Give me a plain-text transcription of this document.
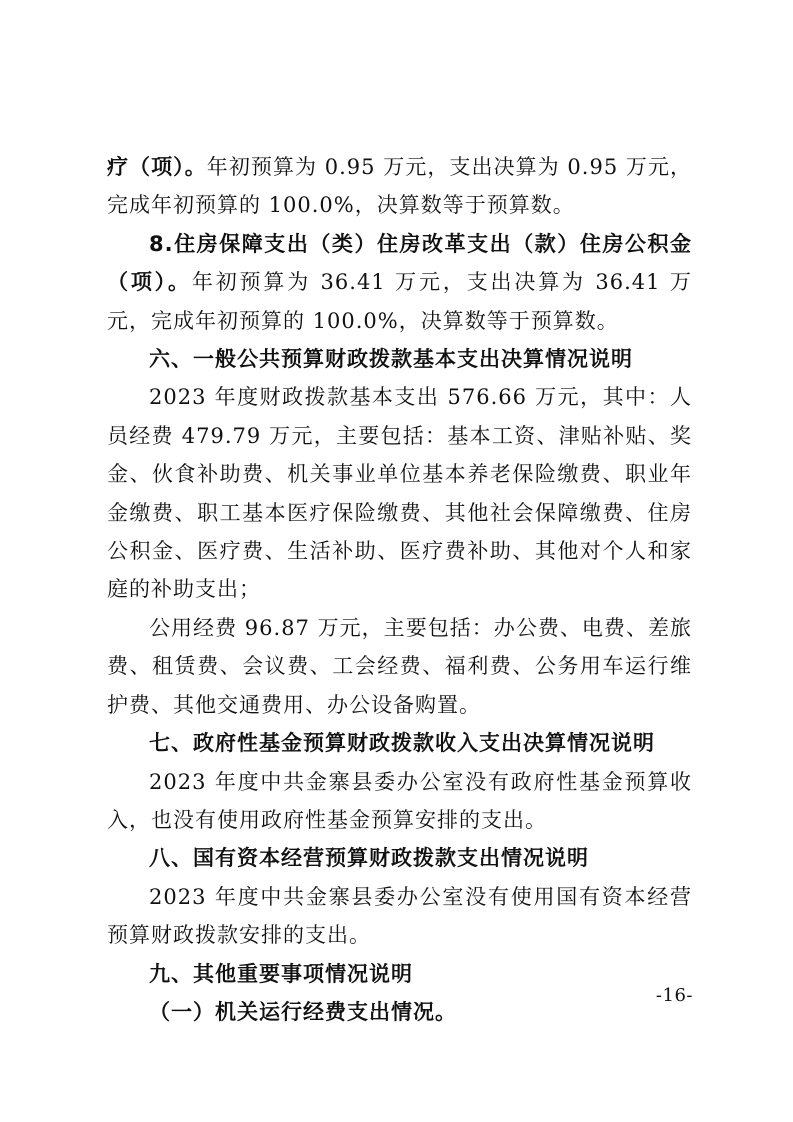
疗（项）。年初预算为 0.95 万元，支出决算为 0.95 万元，完成年初预算的 100.0%，决算数等于预算数。

8.住房保障支出（类）住房改革支出（款）住房公积金（项）。年初预算为 36.41 万元，支出决算为 36.41 万元，完成年初预算的 100.0%，决算数等于预算数。

六、一般公共预算财政拨款基本支出决算情况说明

2023 年度财政拨款基本支出 576.66 万元，其中：人员经费 479.79 万元，主要包括：基本工资、津贴补贴、奖金、伙食补助费、机关事业单位基本养老保险缴费、职业年金缴费、职工基本医疗保险缴费、其他社会保障缴费、住房公积金、医疗费、生活补助、医疗费补助、其他对个人和家庭的补助支出；

公用经费 96.87 万元，主要包括：办公费、电费、差旅费、租赁费、会议费、工会经费、福利费、公务用车运行维护费、其他交通费用、办公设备购置。

七、政府性基金预算财政拨款收入支出决算情况说明

2023 年度中共金寨县委办公室没有政府性基金预算收入，也没有使用政府性基金预算安排的支出。

八、国有资本经营预算财政拨款支出情况说明

2023 年度中共金寨县委办公室没有使用国有资本经营预算财政拨款安排的支出。

九、其他重要事项情况说明

（一）机关运行经费支出情况。

-16-
